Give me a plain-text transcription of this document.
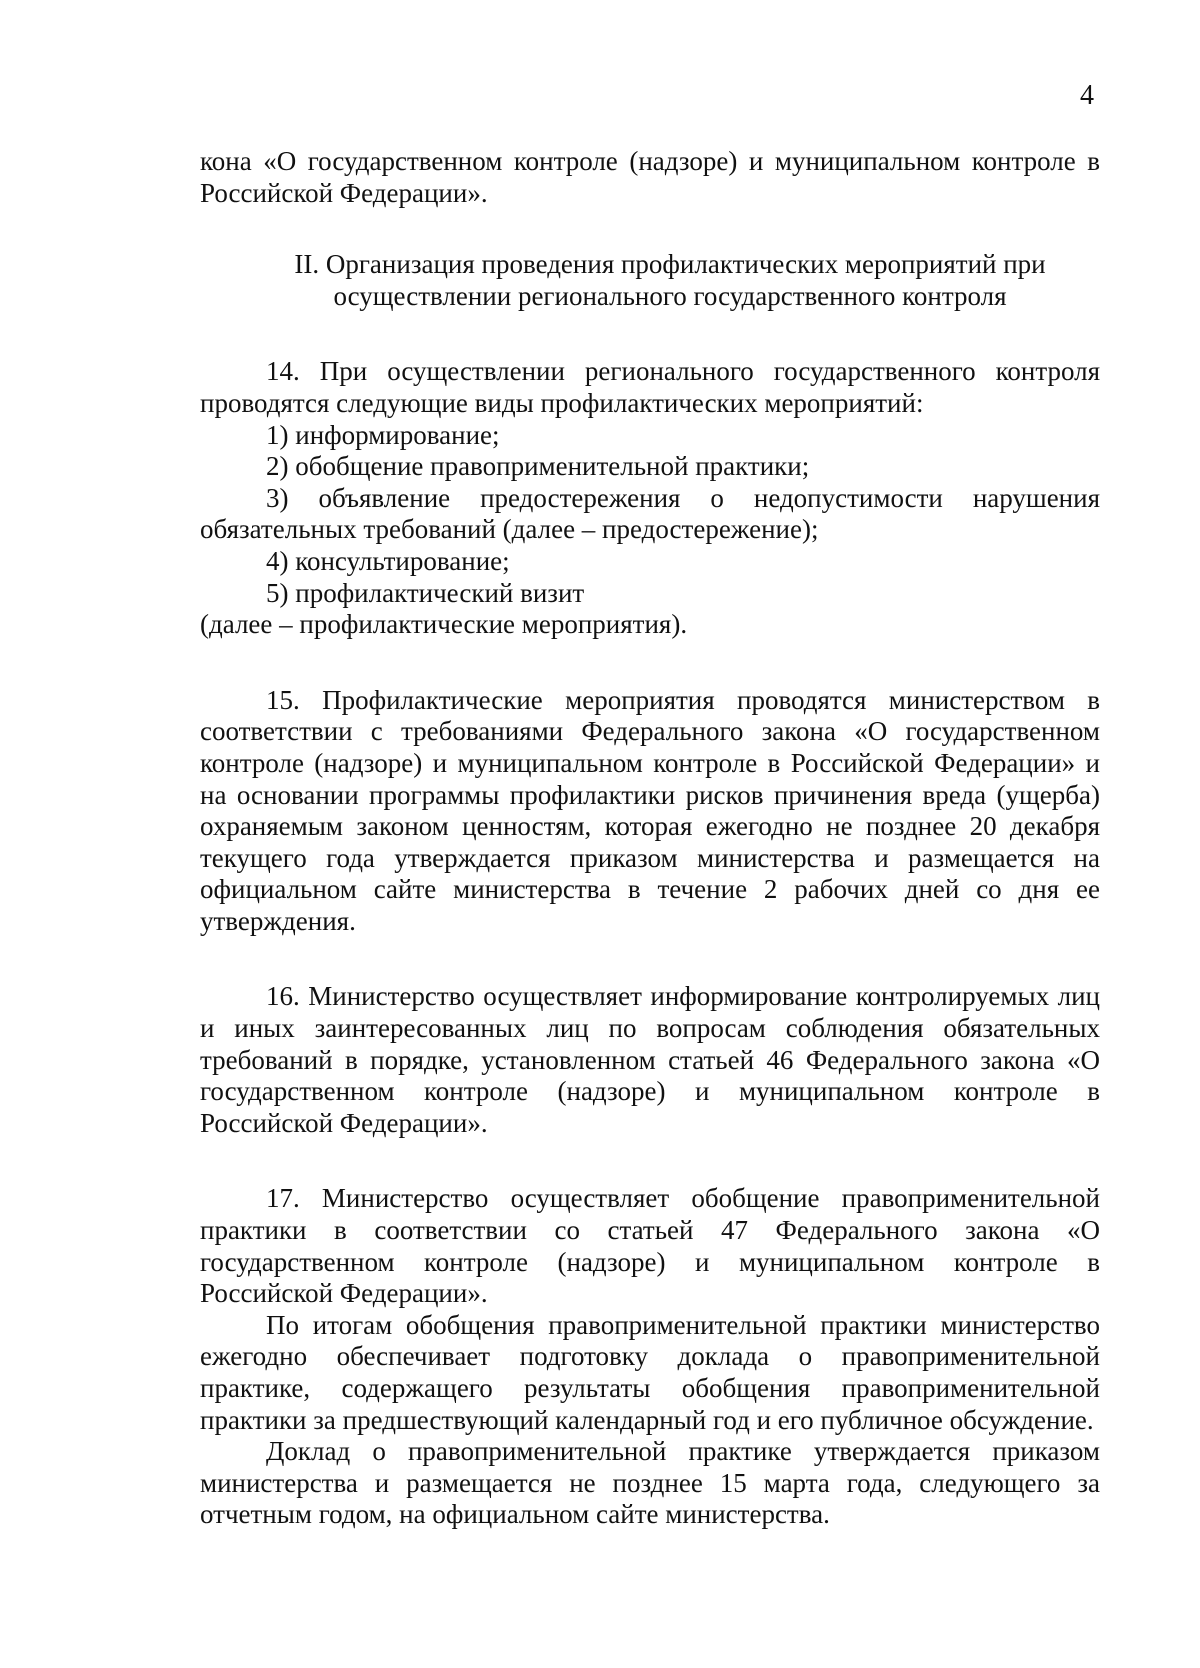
4

кона «О государственном контроле (надзоре) и муниципальном контроле в Российской Федерации».

II. Организация проведения профилактических мероприятий при осуществлении регионального государственного контроля

14. При осуществлении регионального государственного контроля проводятся следующие виды профилактических мероприятий:

1) информирование;

2) обобщение правоприменительной практики;

3) объявление предостережения о недопустимости нарушения обязательных требований (далее – предостережение);

4) консультирование;

5) профилактический визит

(далее – профилактические мероприятия).

15. Профилактические мероприятия проводятся министерством в соответствии с требованиями Федерального закона «О государственном контроле (надзоре) и муниципальном контроле в Российской Федерации» и на основании программы профилактики рисков причинения вреда (ущерба) охраняемым законом ценностям, которая ежегодно не позднее 20 декабря текущего года утверждается приказом министерства и размещается на официальном сайте министерства в течение 2 рабочих дней со дня ее утверждения.

16. Министерство осуществляет информирование контролируемых лиц и иных заинтересованных лиц по вопросам соблюдения обязательных требований в порядке, установленном статьей 46 Федерального закона «О государственном контроле (надзоре) и муниципальном контроле в Российской Федерации».

17. Министерство осуществляет обобщение правоприменительной практики в соответствии со статьей 47 Федерального закона «О государственном контроле (надзоре) и муниципальном контроле в Российской Федерации».

По итогам обобщения правоприменительной практики министерство ежегодно обеспечивает подготовку доклада о правоприменительной практике, содержащего результаты обобщения правоприменительной практики за предшествующий календарный год и его публичное обсуждение.

Доклад о правоприменительной практике утверждается приказом министерства и размещается не позднее 15 марта года, следующего за отчетным годом, на официальном сайте министерства.
